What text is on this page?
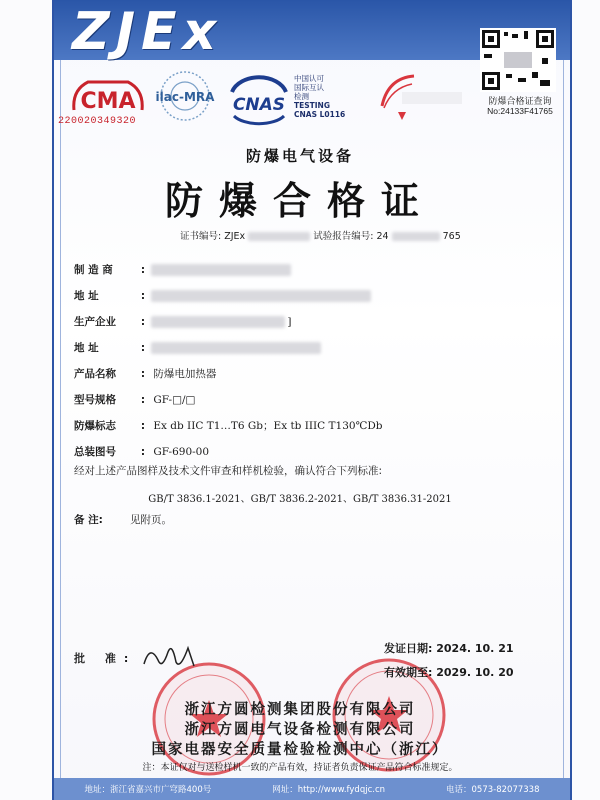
ZJEx
CMA
220020349320
ilac-MRA CNAS
中国认可
国际互认
检测
TESTING
CNAS L0116
防爆合格证查询
No:24133F41765
防爆电气设备
防爆合格证
证书编号: ZJEx	试验报告编号: 24	765
制 造 商	:
地 址	:
生产企业 :	]
地 址	:
产品名称 : 防爆电加热器
型号规格 : GF-□/□
防爆标志 : Ex db IIC T1…T6 Gb；Ex tb IIIC T130℃Db
总装图号 : GF-690-00
经对上述产品图样及技术文件审查和样机检验，确认符合下列标准:
GB/T 3836.1-2021、GB/T 3836.2-2021、GB/T 3836.31-2021
备 注:	见附页。
批 准:
发证日期: 2024. 10. 21
有效期至: 2029. 10. 20
浙江方圆检测集团股份有限公司
浙江方圆电气设备检测有限公司
国家电器安全质量检验检测中心（浙江）
注：本证仅对与送检样机一致的产品有效，持证者负责保证产品符合标准规定。
地址：浙江省嘉兴市广穹路400号	网址：http://www.fydqjc.cn	电话：0573-82077338
